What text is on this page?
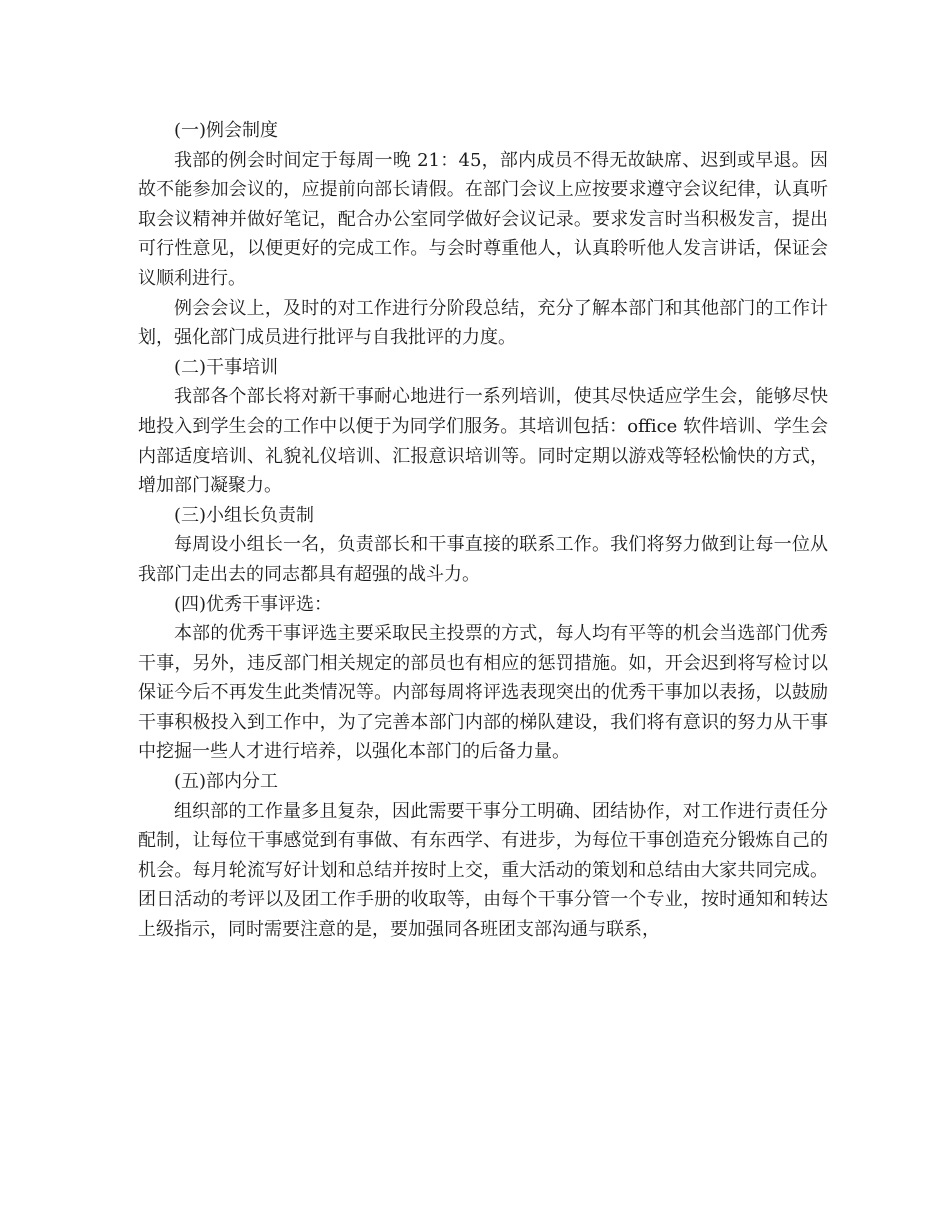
(一)例会制度

我部的例会时间定于每周一晚 21：45，部内成员不得无故缺席、迟到或早退。因故不能参加会议的，应提前向部长请假。在部门会议上应按要求遵守会议纪律，认真听取会议精神并做好笔记，配合办公室同学做好会议记录。要求发言时当积极发言，提出可行性意见，以便更好的完成工作。与会时尊重他人，认真聆听他人发言讲话，保证会议顺利进行。

例会会议上，及时的对工作进行分阶段总结，充分了解本部门和其他部门的工作计划，强化部门成员进行批评与自我批评的力度。

(二)干事培训

我部各个部长将对新干事耐心地进行一系列培训，使其尽快适应学生会，能够尽快地投入到学生会的工作中以便于为同学们服务。其培训包括：office 软件培训、学生会内部适度培训、礼貌礼仪培训、汇报意识培训等。同时定期以游戏等轻松愉快的方式，增加部门凝聚力。

(三)小组长负责制

每周设小组长一名，负责部长和干事直接的联系工作。我们将努力做到让每一位从我部门走出去的同志都具有超强的战斗力。

(四)优秀干事评选：

本部的优秀干事评选主要采取民主投票的方式，每人均有平等的机会当选部门优秀干事，另外，违反部门相关规定的部员也有相应的惩罚措施。如，开会迟到将写检讨以保证今后不再发生此类情况等。内部每周将评选表现突出的优秀干事加以表扬，以鼓励干事积极投入到工作中，为了完善本部门内部的梯队建设，我们将有意识的努力从干事中挖掘一些人才进行培养，以强化本部门的后备力量。

(五)部内分工

组织部的工作量多且复杂，因此需要干事分工明确、团结协作，对工作进行责任分配制，让每位干事感觉到有事做、有东西学、有进步，为每位干事创造充分锻炼自己的机会。每月轮流写好计划和总结并按时上交，重大活动的策划和总结由大家共同完成。团日活动的考评以及团工作手册的收取等，由每个干事分管一个专业，按时通知和转达上级指示，同时需要注意的是，要加强同各班团支部沟通与联系，
